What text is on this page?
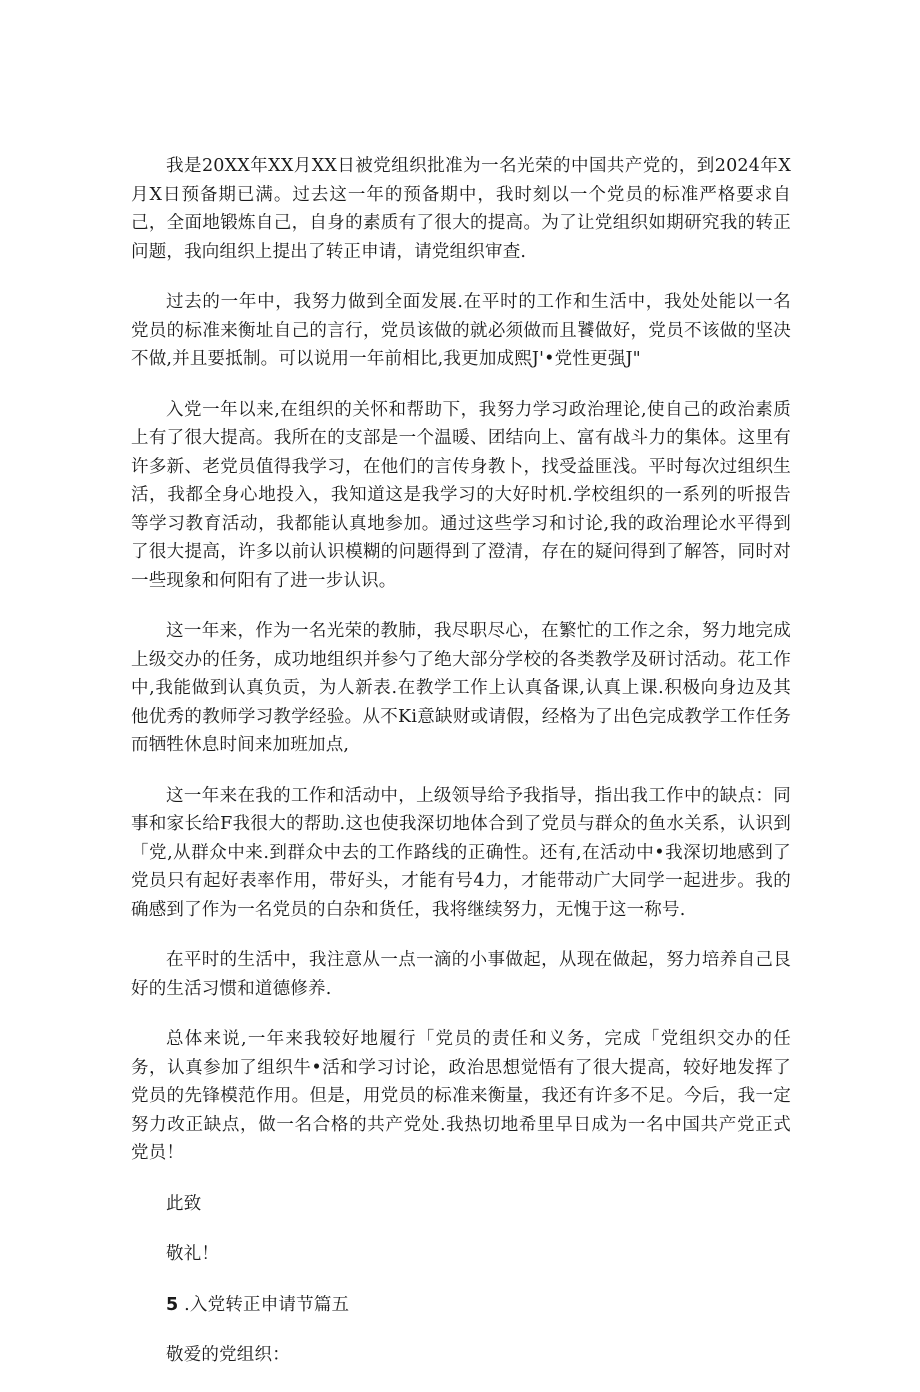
我是20XX年XX月XX日被党组织批准为一名光荣的中国共产党的，到2024年X月X日预备期已满。过去这一年的预备期中，我时刻以一个党员的标准严格要求自己，全面地锻炼自己，自身的素质有了很大的提高。为了让党组织如期研究我的转正问题，我向组织上提出了转正申请，请党组织审查.

过去的一年中，我努力做到全面发展.在平时的工作和生活中，我处处能以一名党员的标准来衡址自己的言行，党员该做的就必须做而且饕做好，党员不该做的坚决不做,并且要抵制。可以说用一年前相比,我更加成熙J'•党性更强J"

入党一年以来,在组织的关怀和帮助下，我努力学习政治理论,使自己的政治素质上有了很大提高。我所在的支部是一个温暖、团结向上、富有战斗力的集体。这里有许多新、老党员值得我学习，在他们的言传身教卜，找受益匪浅。平时每次过组织生活，我都全身心地投入，我知道这是我学习的大好时机.学校组织的一系列的听报告等学习教育活动，我都能认真地参加。通过这些学习和讨论,我的政治理论水平得到了很大提高，许多以前认识模糊的问题得到了澄清，存在的疑问得到了解答，同时对一些现象和何阳有了进一步认识。

这一年来，作为一名光荣的教肺，我尽职尽心，在繁忙的工作之余，努力地完成上级交办的任务，成功地组织并参勺了绝大部分学校的各类教学及研讨活动。花工作中,我能做到认真负贡，为人新表.在教学工作上认真备课,认真上课.积极向身边及其他优秀的教师学习教学经验。从不Ki意缺财或请假，经格为了出色完成教学工作任务而牺牲休息时间来加班加点,

这一年来在我的工作和活动中，上级领导给予我指导，指出我工作中的缺点：同事和家长给F我很大的帮助.这也使我深切地体合到了党员与群众的鱼水关系，认识到「党,从群众中来.到群众中去的工作路线的正确性。还有,在活动中•我深切地感到了党员只有起好表率作用，带好头，才能有号4力，才能带动广大同学一起进步。我的确感到了作为一名党员的白杂和货任，我将继续努力，无愧于这一称号.

在平时的生活中，我注意从一点一滴的小事做起，从现在做起，努力培养自己艮好的生活习惯和道德修养.

总体来说,一年来我较好地履行「党员的责任和义务，完成「党组织交办的任务，认真参加了组织牛•活和学习讨论，政治思想觉悟有了很大提高，较好地发挥了党员的先锋模范作用。但是，用党员的标准来衡量，我还有许多不足。今后，我一定努力改正缺点，做一名合格的共产党处.我热切地希里早日成为一名中国共产党正式党员！

此致

敬礼！

5 .入党转正申请节篇五

敬爱的党组织：
